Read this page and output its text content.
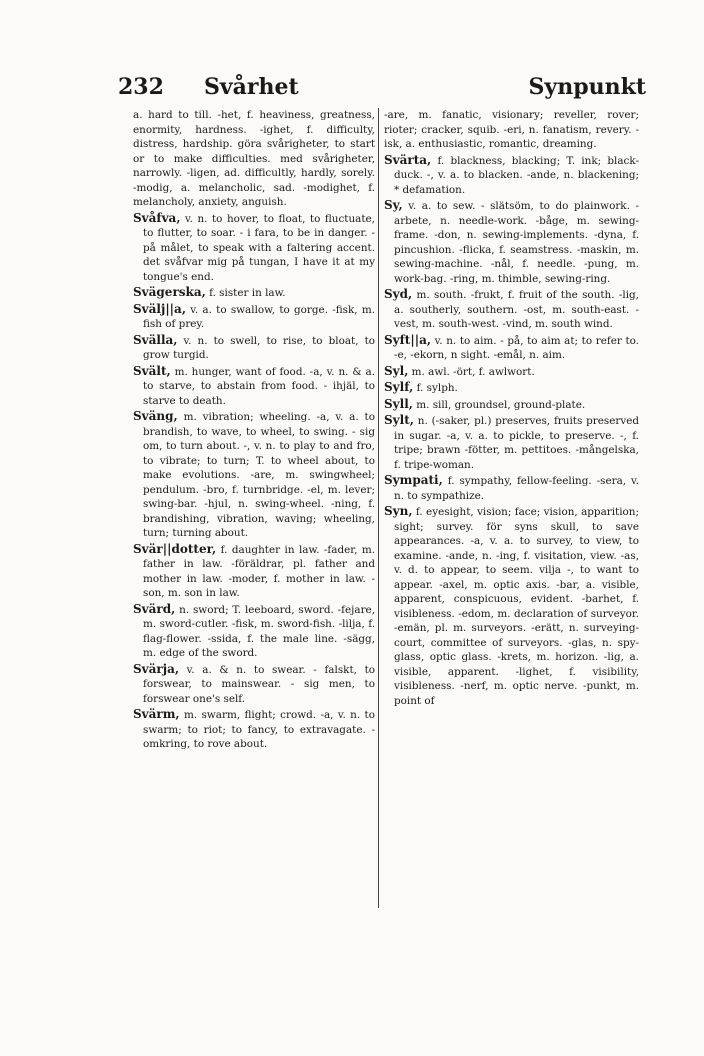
232 Svårhet	Synpunkt
a. hard to till. -het, f. heaviness, greatness, enormity, hardness. -ighet, f. difficulty, distress, hardship. göra svårigheter, to start or to make difficulties. med svårigheter, narrowly. -ligen, ad. difficultly, hardly, sorely. -modig, a. melancholic, sad. -modighet, f. melancholy, anxiety, anguish.
Svåfva, v. n. to hover, to float, to fluctuate, to flutter, to soar. - i fara, to be in danger. - på målet, to speak with a faltering accent. det svåfvar mig på tungan, I have it at my tongue's end.
Svägerska, f. sister in law.
Svälj||a, v. a. to swallow, to gorge. -fisk, m. fish of prey.
Svälla, v. n. to swell, to rise, to bloat, to grow turgid.
Svält, m. hunger, want of food. -a, v. n. & a. to starve, to abstain from food. - ihjäl, to starve to death.
Sväng, m. vibration; wheeling. -a, v. a. to brandish, to wave, to wheel, to swing. - sig om, to turn about. -, v. n. to play to and fro, to vibrate; to turn; T. to wheel about, to make evolutions. -are, m. swingwheel; pendulum. -bro, f. turnbridge. -el, m. lever; swing-bar. -hjul, n. swing-wheel. -ning, f. brandishing, vibration, waving; wheeling, turn; turning about.
Svär||dotter, f. daughter in law. -fader, m. father in law. -föräldrar, pl. father and mother in law. -moder, f. mother in law. -son, m. son in law.
Svärd, n. sword; T. leeboard, sword. -fejare, m. sword-cutler. -fisk, m. sword-fish. -lilja, f. flag-flower. -ssida, f. the male line. -sägg, m. edge of the sword.
Svärja, v. a. & n. to swear. - falskt, to forswear, to mainswear. - sig men, to forswear one's self.
Svärm, m. swarm, flight; crowd. -a, v. n. to swarm; to riot; to fancy, to extravagate. - omkring, to rove about.
-are, m. fanatic, visionary; reveller, rover; rioter; cracker, squib. -eri, n. fanatism, revery. -isk, a. enthusiastic, romantic, dreaming.
Svärta, f. blackness, blacking; T. ink; black-duck. -, v. a. to blacken. -ande, n. blackening; * defamation.
Sy, v. a. to sew. - slätsöm, to do plainwork. -arbete, n. needle-work. -båge, m. sewing-frame. -don, n. sewing-implements. -dyna, f. pincushion. -flicka, f. seamstress. -maskin, m. sewing-machine. -nål, f. needle. -pung, m. work-bag. -ring, m. thimble, sewing-ring.
Syd, m. south. -frukt, f. fruit of the south. -lig, a. southerly, southern. -ost, m. south-east. -vest, m. south-west. -vind, m. south wind.
Syft||a, v. n. to aim. - på, to aim at; to refer to. -e, -ekorn, n sight. -emål, n. aim.
Syl, m. awl. -ört, f. awlwort.
Sylf, f. sylph.
Syll, m. sill, groundsel, ground-plate.
Sylt, n. (-saker, pl.) preserves, fruits preserved in sugar. -a, v. a. to pickle, to preserve. -, f. tripe; brawn -fötter, m. pettitoes. -mångelska, f. tripe-woman.
Sympati, f. sympathy, fellow-feeling. -sera, v. n. to sympathize.
Syn, f. eyesight, vision; face; vision, apparition; sight; survey. för syns skull, to save appearances. -a, v. a. to survey, to view, to examine. -ande, n. -ing, f. visitation, view. -as, v. d. to appear, to seem. vilja -, to want to appear. -axel, m. optic axis. -bar, a. visible, apparent, conspicuous, evident. -barhet, f. visibleness. -edom, m. declaration of surveyor. -emän, pl. m. surveyors. -erätt, n. surveying-court, committee of surveyors. -glas, n. spy-glass, optic glass. -krets, m. horizon. -lig, a. visible, apparent. -lighet, f. visibility, visibleness. -nerf, m. optic nerve. -punkt, m. point of
